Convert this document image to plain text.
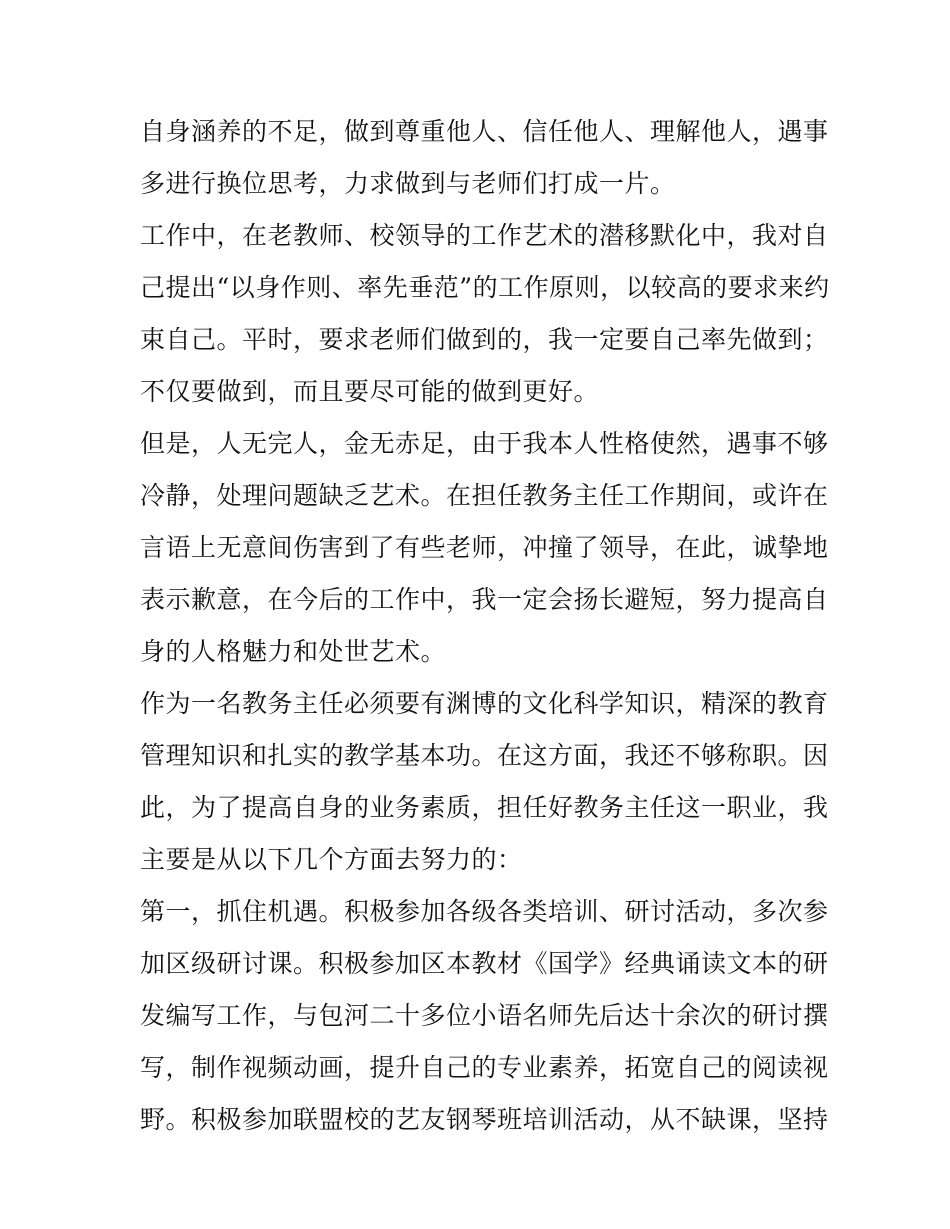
自身涵养的不足，做到尊重他人、信任他人、理解他人，遇事
多进行换位思考，力求做到与老师们打成一片。
工作中，在老教师、校领导的工作艺术的潜移默化中，我对自
己提出“以身作则、率先垂范”的工作原则，以较高的要求来约
束自己。平时，要求老师们做到的，我一定要自己率先做到；
不仅要做到，而且要尽可能的做到更好。
但是，人无完人，金无赤足，由于我本人性格使然，遇事不够
冷静，处理问题缺乏艺术。在担任教务主任工作期间，或许在
言语上无意间伤害到了有些老师，冲撞了领导，在此，诚挚地
表示歉意，在今后的工作中，我一定会扬长避短，努力提高自
身的人格魅力和处世艺术。
作为一名教务主任必须要有渊博的文化科学知识，精深的教育
管理知识和扎实的教学基本功。在这方面，我还不够称职。因
此，为了提高自身的业务素质，担任好教务主任这一职业，我
主要是从以下几个方面去努力的：
第一，抓住机遇。积极参加各级各类培训、研讨活动，多次参
加区级研讨课。积极参加区本教材《国学》经典诵读文本的研
发编写工作，与包河二十多位小语名师先后达十余次的研讨撰
写，制作视频动画，提升自己的专业素养，拓宽自己的阅读视
野。积极参加联盟校的艺友钢琴班培训活动，从不缺课，坚持
